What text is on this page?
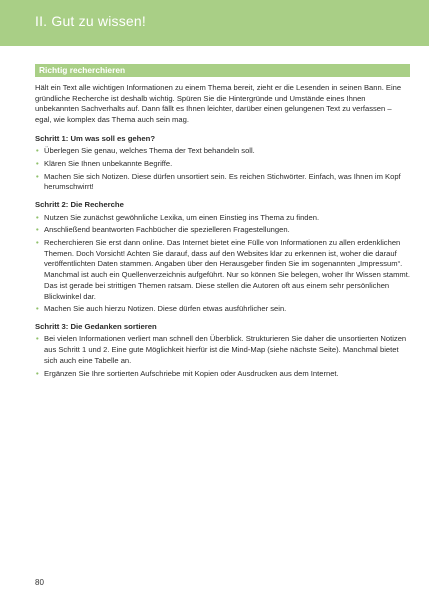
II. Gut zu wissen!
Richtig recherchieren

Hält ein Text alle wichtigen Informationen zu einem Thema bereit, zieht er die Lesenden in seinen Bann. Eine gründliche Recherche ist deshalb wichtig. Spüren Sie die Hintergründe und Umstände eines Ihnen unbekannten Sachverhalts auf. Dann fällt es Ihnen leichter, darüber einen gelungenen Text zu verfassen – egal, wie komplex das Thema auch sein mag.

Schritt 1: Um was soll es gehen?

• Überlegen Sie genau, welches Thema der Text behandeln soll.
• Klären Sie Ihnen unbekannte Begriffe.
• Machen Sie sich Notizen. Diese dürfen unsortiert sein. Es reichen Stichwörter. Einfach, was Ihnen im Kopf herumschwirrt!

Schritt 2: Die Recherche

• Nutzen Sie zunächst gewöhnliche Lexika, um einen Einstieg ins Thema zu finden.
• Anschließend beantworten Fachbücher die spezielleren Fragestellungen.
• Recherchieren Sie erst dann online. Das Internet bietet eine Fülle von Informationen zu allen erdenklichen Themen. Doch Vorsicht! Achten Sie darauf, dass auf den Websites klar zu erkennen ist, woher die darauf veröffentlichten Daten stammen. Angaben über den Herausgeber finden Sie im sogenannten „Impressum“. Manchmal ist auch ein Quellenverzeichnis aufgeführt. Nur so können Sie belegen, woher Ihr Wissen stammt. Das ist gerade bei strittigen Themen ratsam. Diese stellen die Autoren oft aus einem sehr persönlichen Blickwinkel dar.
• Machen Sie auch hierzu Notizen. Diese dürfen etwas ausführlicher sein.

Schritt 3: Die Gedanken sortieren

• Bei vielen Informationen verliert man schnell den Überblick. Strukturieren Sie daher die unsortierten Notizen aus Schritt 1 und 2. Eine gute Möglichkeit hierfür ist die Mind-Map (siehe nächste Seite). Manchmal bietet sich auch eine Tabelle an.
• Ergänzen Sie Ihre sortierten Aufschriebe mit Kopien oder Ausdrucken aus dem Internet.
80
